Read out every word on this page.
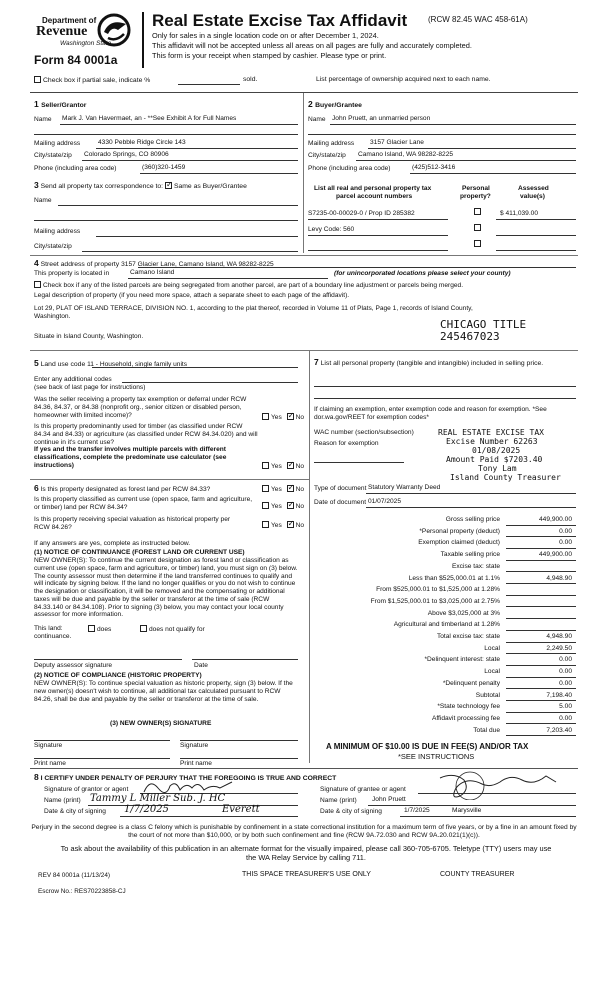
Department of
Revenue
Washington State
Form 84 0001a
Real Estate Excise Tax Affidavit	(RCW 82.45 WAC 458-61A)
Only for sales in a single location code on or after December 1, 2024.
This affidavit will not be accepted unless all areas on all pages are fully and accurately completed.
This form is your receipt when stamped by cashier. Please type or print.
Check box if partial sale, indicate %	sold.	List percentage of ownership acquired next to each name.
1 Seller/Grantor
Name Mark J. Van Havermaet, an - **See Exhibit A for Full Names
Mailing address	4330 Pebble Ridge Circle 143
City/state/zip Colorado Springs, CO 80906
Phone (including area code)	(360)320-1459
2 Buyer/Grantee
Name John Pruett, an unmarried person
Mailing address 3157 Glacier Lane
City/state/zip Camano Island, WA 98282-8225
Phone (including area code)	(425)512-3416
3 Send all property tax correspondence to: ✓ Same as Buyer/Grantee
Name
Mailing address
City/state/zip
List all real and personal property tax
parcel account numbers
Personal
property?
Assessed
value(s)
S7235-00-00029-0 / Prop ID 285382	$ 411,039.00
Levy Code: 560
4 Street address of property 3157 Glacier Lane, Camano Island, WA 98282-8225
This property is located in	Camano Island	(for unincorporated locations please select your county)
Check box if any of the listed parcels are being segregated from another parcel, are part of a boundary line adjustment or parcels being merged.
Legal description of property (if you need more space, attach a separate sheet to each page of the affidavit).
Lot 29, PLAT OF ISLAND TERRACE, DIVISION NO. 1, according to the plat thereof, recorded in Volume 11 of Plats, Page 1, records of Island County,
Washington.
Situate in Island County, Washington.
CHICAGO TITLE
245467023
5 Land use code 11 - Household, single family units
Enter any additional codes
(see back of last page for instructions)
Was the seller receiving a property tax exemption or deferral under RCW 84.36, 84.37, or 84.38 (nonprofit org., senior citizen or disabled person, homeowner with limited income)?	Yes ✓ No
Is this property predominantly used for timber (as classified under RCW 84.34 and 84.33) or agriculture (as classified under RCW 84.34.020) and will continue in it's current use?
If yes and the transfer involves multiple parcels with different classifications, complete the predominate use calculator (see instructions)	Yes ✓ No
7 List all personal property (tangible and intangible) included in selling price.
If claiming an exemption, enter exemption code and reason for exemption. *See dor.wa.gov/REET for exemption codes*
WAC number (section/subsection)
Reason for exemption
REAL ESTATE EXCISE TAX
Excise Number 62263
01/08/2025
Amount Paid $7203.40
Tony Lam
Island County Treasurer
6 Is this property designated as forest land per RCW 84.33?	Yes ✓ No
Is this property classified as current use (open space, farm and agriculture, or timber) land per RCW 84.34?	Yes ✓ No
Is this property receiving special valuation as historical property per RCW 84.26?	Yes ✓ No
If any answers are yes, complete as instructed below.
(1) NOTICE OF CONTINUANCE (FOREST LAND OR CURRENT USE)
NEW OWNER(S): To continue the current designation as forest land or classification as current use (open space, farm and agriculture, or timber) land, you must sign on (3) below. The county assessor must then determine if the land transferred continues to qualify and will indicate by signing below. If the land no longer qualifies or you do not wish to continue the designation or classification, it will be removed and the compensating or additional taxes will be due and payable by the seller or transferor at the time of sale (RCW 84.33.140 or 84.34.108). Prior to signing (3) below, you may contact your local county assessor for more information.
This land:	does	does not qualify for
continuance.
Deputy assessor signature	Date
(2) NOTICE OF COMPLIANCE (HISTORIC PROPERTY)
NEW OWNER(S): To continue special valuation as historic property, sign (3) below. If the new owner(s) doesn't wish to continue, all additional tax calculated pursuant to RCW 84.26, shall be due and payable by the seller or transferor at the time of sale.
(3) NEW OWNER(S) SIGNATURE
Signature	Signature
Print name	Print name
Type of document Statutory Warranty Deed
Date of document 01/07/2025
Gross selling price	449,900.00
*Personal property (deduct)	0.00
Exemption claimed (deduct)	0.00
Taxable selling price	449,900.00
Excise tax: state
Less than $525,000.01 at 1.1%	4,948.90
From $525,000.01 to $1,525,000 at 1.28%
From $1,525,000.01 to $3,025,000 at 2.75%
Above $3,025,000 at 3%
Agricultural and timberland at 1.28%
Total excise tax: state	4,948.90
Local	2,249.50
*Delinquent interest: state	0.00
Local	0.00
*Delinquent penalty	0.00
Subtotal	7,198.40
*State technology fee	5.00
Affidavit processing fee	0.00
Total due	7,203.40
A MINIMUM OF $10.00 IS DUE IN FEE(S) AND/OR TAX
*SEE INSTRUCTIONS
8 I CERTIFY UNDER PENALTY OF PERJURY THAT THE FOREGOING IS TRUE AND CORRECT
Signature of grantor or agent
Name (print) Tammy L Miller Sub. J. HC
Date & city of signing 1/7/2025	Everett
Signature of grantee or agent
Name (print) John Pruett
Date & city of signing	1/7/2025	Marysville
Perjury in the second degree is a class C felony which is punishable by confinement in a state correctional institution for a maximum term of five years, or by a fine in an amount fixed by the court of not more than $10,000, or by both such confinement and fine (RCW 9A.72.030 and RCW 9A.20.021(1)(c)).
To ask about the availability of this publication in an alternate format for the visually impaired, please call 360-705-6705. Teletype (TTY) users may use the WA Relay Service by calling 711.
REV 84 0001a (11/13/24)	THIS SPACE TREASURER'S USE ONLY	COUNTY TREASURER
Escrow No.: RES70223858-CJ
